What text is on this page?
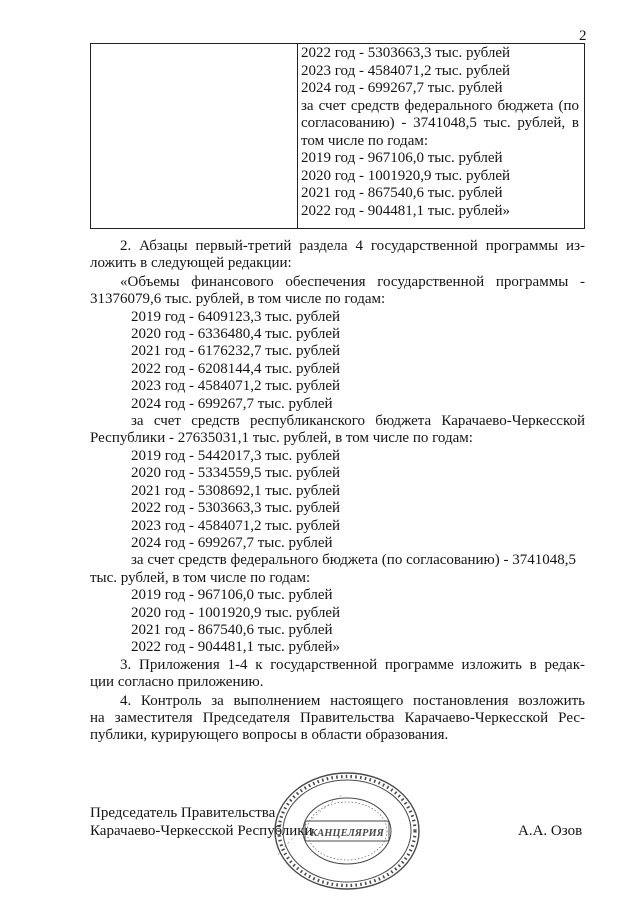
2
2022 год - 5303663,3 тыс. рублей
2023 год - 4584071,2 тыс. рублей
2024 год - 699267,7 тыс. рублей
за счет средств федерального бюджета (по
согласованию) - 3741048,5 тыс. рублей, в
том числе по годам:
2019 год - 967106,0 тыс. рублей
2020 год - 1001920,9 тыс. рублей
2021 год - 867540,6 тыс. рублей
2022 год - 904481,1 тыс. рублей»
2. Абзацы первый-третий раздела 4 государственной программы из-
ложить в следующей редакции:
«Объемы финансового обеспечения государственной программы -
31376079,6 тыс. рублей, в том числе по годам:
2019 год - 6409123,3 тыс. рублей
2020 год - 6336480,4 тыс. рублей
2021 год - 6176232,7 тыс. рублей
2022 год - 6208144,4 тыс. рублей
2023 год - 4584071,2 тыс. рублей
2024 год - 699267,7 тыс. рублей
за счет средств республиканского бюджета Карачаево-Черкесской
Республики - 27635031,1 тыс. рублей, в том числе по годам:
2019 год - 5442017,3 тыс. рублей
2020 год - 5334559,5 тыс. рублей
2021 год - 5308692,1 тыс. рублей
2022 год - 5303663,3 тыс. рублей
2023 год - 4584071,2 тыс. рублей
2024 год - 699267,7 тыс. рублей
за счет средств федерального бюджета (по согласованию) - 3741048,5
тыс. рублей, в том числе по годам:
2019 год - 967106,0 тыс. рублей
2020 год - 1001920,9 тыс. рублей
2021 год - 867540,6 тыс. рублей
2022 год - 904481,1 тыс. рублей»
3. Приложения 1-4 к государственной программе изложить в редак-
ции согласно приложению.
4. Контроль за выполнением настоящего постановления возложить
на заместителя Председателя Правительства Карачаево-Черкесской Рес-
публики, курирующего вопросы в области образования.
Председатель Правительства
Карачаево-Черкесской Республики	А.А. Озов
КАНЦЕЛЯРИЯ
